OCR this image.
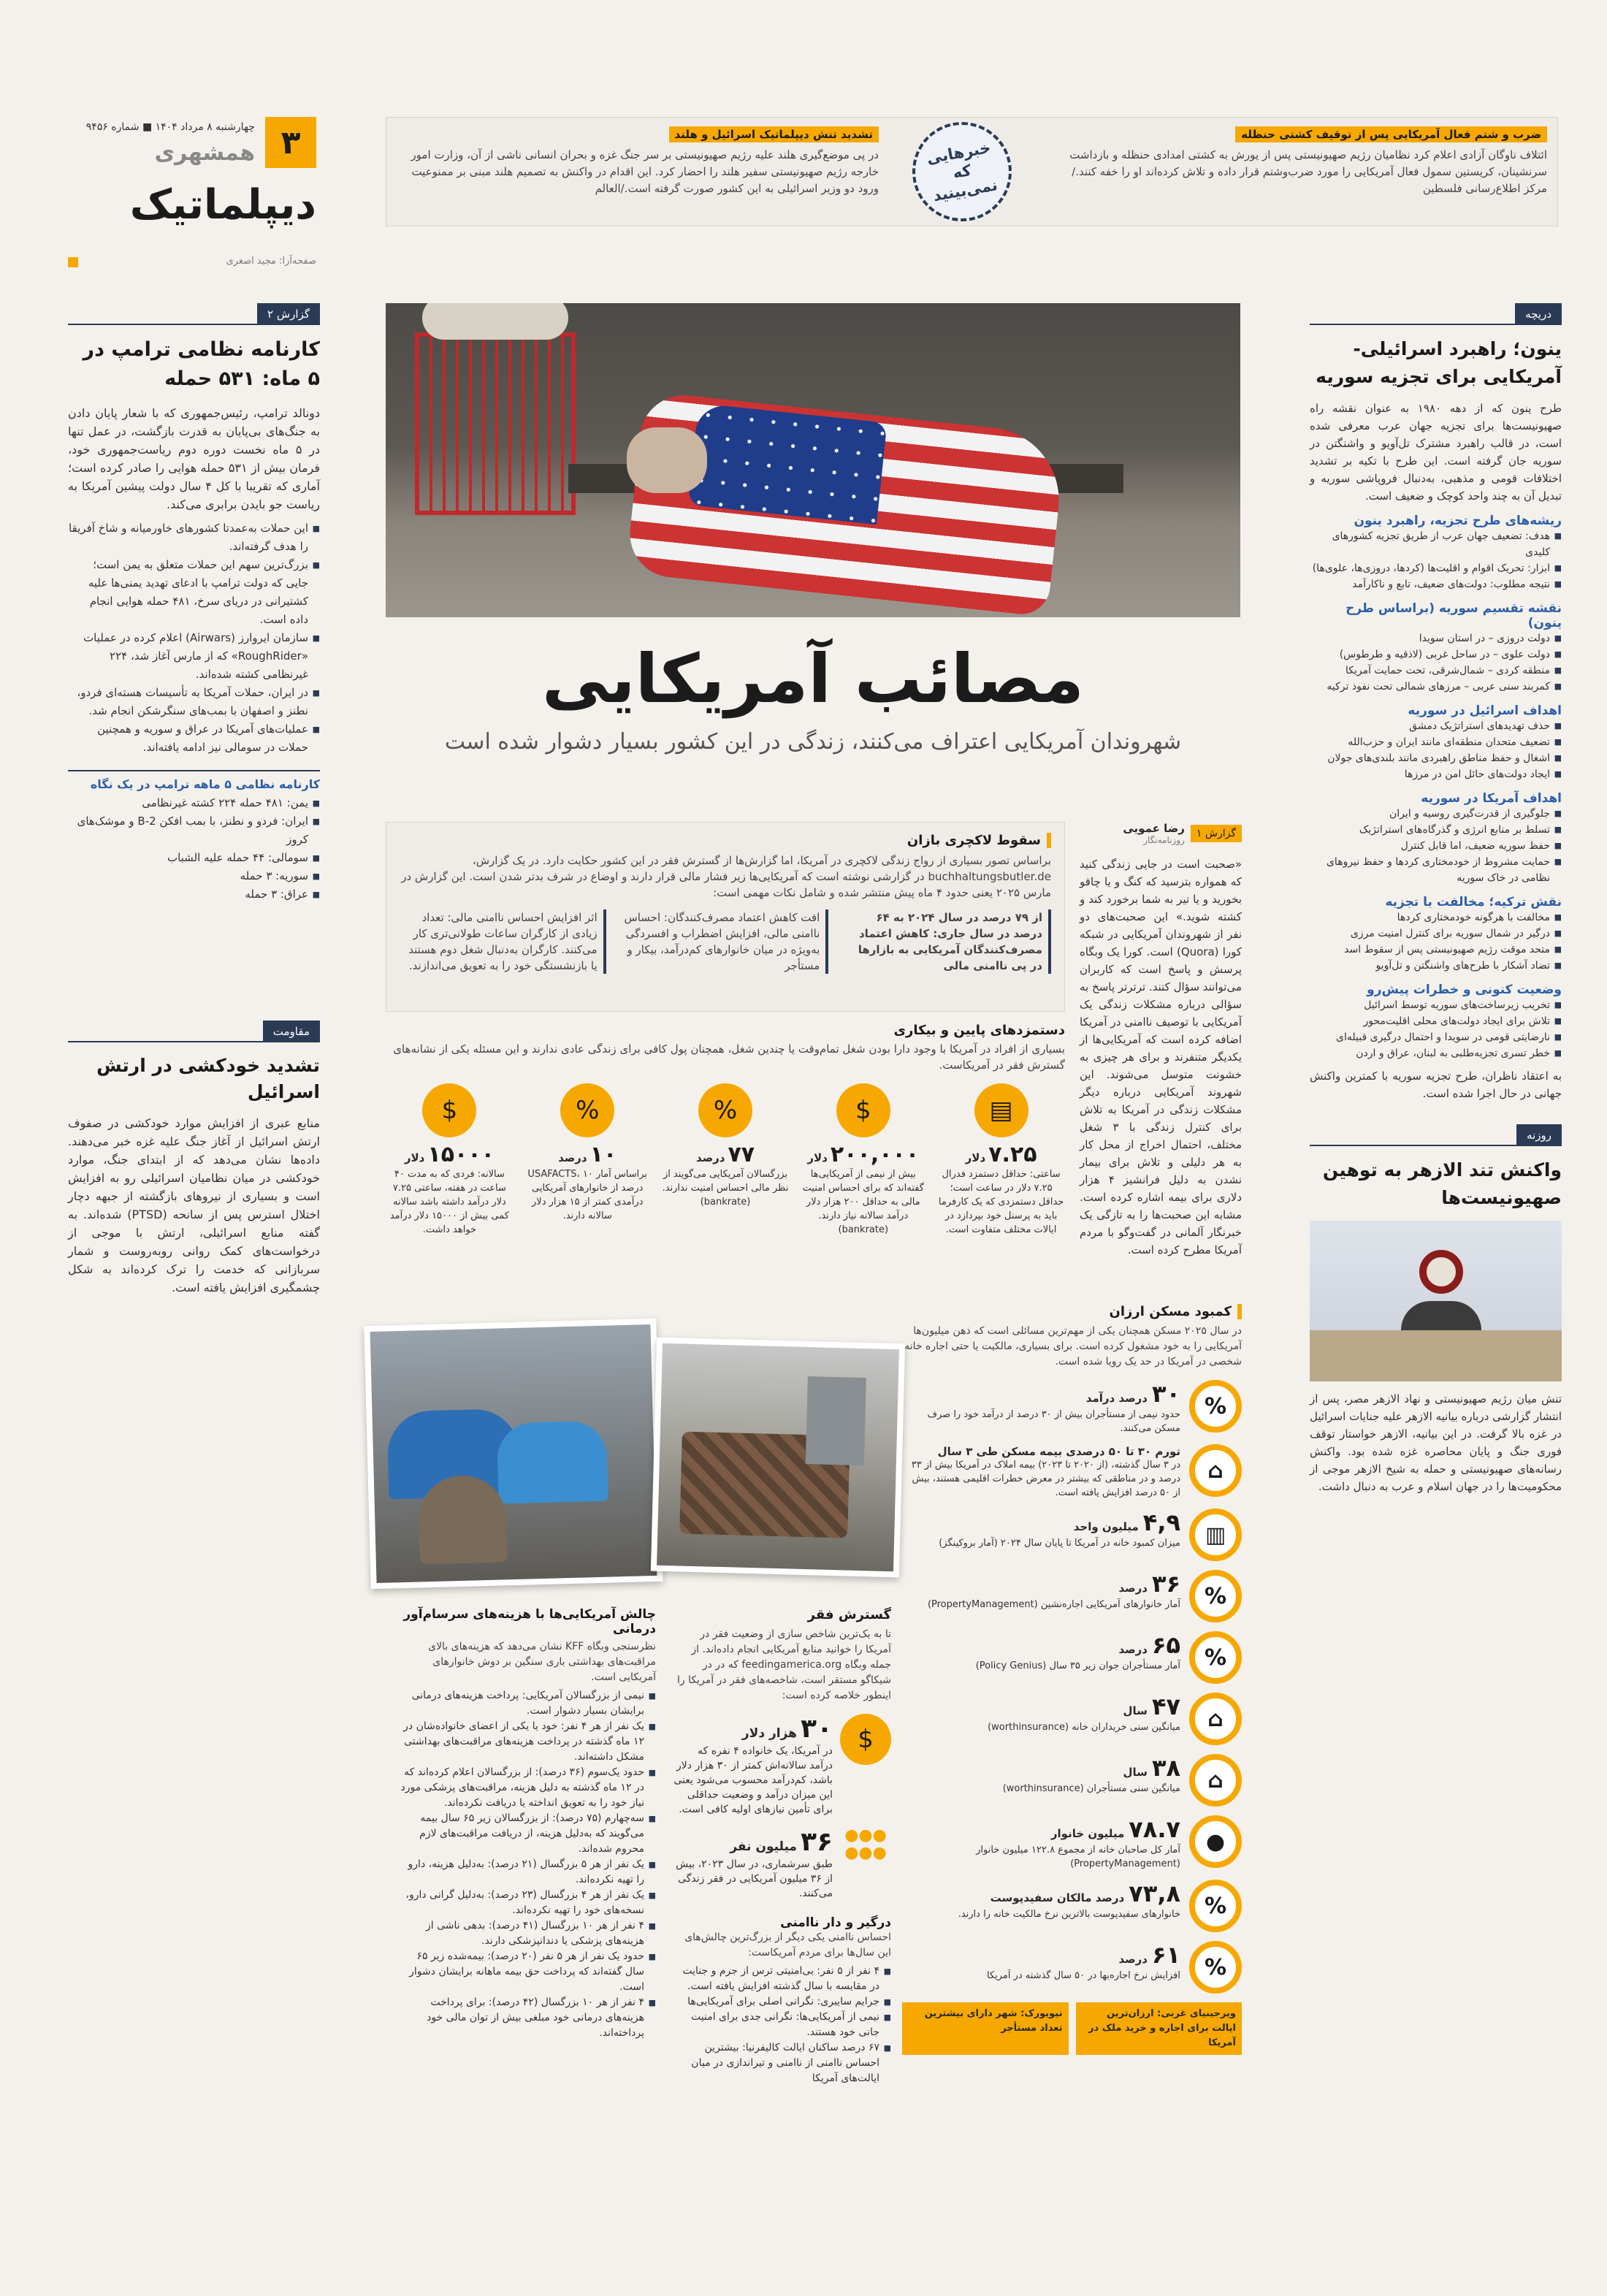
۳
چهارشنبه ۸ مرداد ۱۴۰۴ ■ شماره ۹۴۵۶
همشهری
دیپلماتیک
صفحه‌آرا: مجید اصغری
ضرب و شتم فعال آمریکایی پس از توقیف کشتی حنظله

ائتلاف ناوگان آزادی اعلام کرد نظامیان رژیم صهیونیستی پس از یورش به کشتی امدادی حنظله و بازداشت سرنشینان، کریستین سمول فعال آمریکایی را مورد ضرب‌وشتم قرار داده و تلاش کرده‌اند او را خفه کنند./مرکز اطلاع‌رسانی فلسطین

خبرهایی که نمی‌بینید
تشدید تنش دیپلماتیک اسرائیل و هلند

در پی موضع‌گیری هلند علیه رژیم صهیونیستی بر سر جنگ غزه و بحران انسانی ناشی از آن، وزارت امور خارجه رژیم صهیونیستی سفیر هلند را احضار کرد. این اقدام در واکنش به تصمیم هلند مبنی بر ممنوعیت ورود دو وزیر اسرائیلی به این کشور صورت گرفته است./العالم

گزارش ۲
کارنامه نظامی ترامپ در ۵ ماه: ۵۳۱ حمله

دونالد ترامپ، رئیس‌جمهوری که با شعار پایان دادن به جنگ‌های بی‌پایان به قدرت بازگشت، در عمل تنها در ۵ ماه نخست دوره دوم ریاست‌جمهوری خود، فرمان بیش از ۵۳۱ حمله هوایی را صادر کرده است؛ آماری که تقریبا با کل ۴ سال دولت پیشین آمریکا به ریاست جو بایدن برابری می‌کند.

■ این حملات به‌عمدتا کشورهای خاورمیانه و شاخ آفریقا را هدف گرفته‌اند.
■ بزرگ‌ترین سهم این حملات متعلق به یمن است؛ جایی که دولت ترامپ با ادعای تهدید یمنی‌ها علیه کشتیرانی در دریای سرخ، ۴۸۱ حمله هوایی انجام داده است.
■ سازمان ایروارز (Airwars) اعلام کرده در عملیات «RoughRider» که از مارس آغاز شد، ۲۲۴ غیرنظامی کشته شده‌اند.
■ در ایران، حملات آمریکا به تأسیسات هسته‌ای فردو، نطنز و اصفهان با بمب‌های سنگرشکن انجام شد.
■ عملیات‌های آمریکا در عراق و سوریه و همچنین حملات در سومالی نیز ادامه یافته‌اند.
کارنامه نظامی ۵ ماهه ترامپ در یک نگاه
■ یمن: ۴۸۱ حمله ۲۲۴ کشته غیرنظامی
■ ایران: فردو و نطنز، با بمب افکن B-2 و موشک‌های کروز
■ سومالی: ۴۴ حمله علیه الشباب
■ سوریه: ۳ حمله
■ عراق: ۳ حمله
مقاومت
تشدید خودکشی در ارتش اسرائیل

منابع عبری از افزایش موارد خودکشی در صفوف ارتش اسرائیل از آغاز جنگ علیه غزه خبر می‌دهند. داده‌ها نشان می‌دهد که از ابتدای جنگ، موارد خودکشی در میان نظامیان اسرائیلی رو به افزایش است و بسیاری از نیروهای بازگشته از جبهه دچار اختلال استرس پس از سانحه (PTSD) شده‌اند. به گفته منابع اسرائیلی، ارتش با موجی از درخواست‌های کمک روانی روبه‌روست و شمار سربازانی که خدمت را ترک کرده‌اند به شکل چشمگیری افزایش یافته است.

دریچه
ینون؛ راهبرد اسرائیلی-آمریکایی برای تجزیه سوریه

طرح ینون که از دهه ۱۹۸۰ به عنوان نقشه راه صهیونیست‌ها برای تجزیه جهان عرب معرفی شده است، در قالب راهبرد مشترک تل‌آویو و واشنگتن در سوریه جان گرفته است. این طرح با تکیه بر تشدید اختلافات قومی و مذهبی، به‌دنبال فروپاشی سوریه و تبدیل آن به چند واحد کوچک و ضعیف است.

ریشه‌های طرح تجزیه، راهبرد ینون
■ هدف: تضعیف جهان عرب از طریق تجزیه کشورهای کلیدی
■ ابزار: تحریک اقوام و اقلیت‌ها (کردها، دروزی‌ها، علوی‌ها)
■ نتیجه مطلوب: دولت‌های ضعیف، تابع و ناکارآمد
نقشه تقسیم سوریه (براساس طرح ینون)
■ دولت دروزی – در استان سویدا
■ دولت علوی – در ساحل غربی (لاذقیه و طرطوس)
■ منطقه کردی – شمال‌شرقی، تحت حمایت آمریکا
■ کمربند سنی عربی – مرزهای شمالی تحت نفوذ ترکیه
اهداف اسرائیل در سوریه
■ حذف تهدیدهای استراتژیک دمشق
■ تضعیف متحدان منطقه‌ای مانند ایران و حزب‌الله
■ اشغال و حفظ مناطق راهبردی مانند بلندی‌های جولان
■ ایجاد دولت‌های حائل امن در مرزها
اهداف آمریکا در سوریه
■ جلوگیری از قدرت‌گیری روسیه و ایران
■ تسلط بر منابع انرژی و گذرگاه‌های استراتژیک
■ حفظ سوریه ضعیف، اما قابل کنترل
■ حمایت مشروط از خودمختاری کردها و حفظ نیروهای نظامی در خاک سوریه
نقش ترکیه؛ مخالفت با تجزیه
■ مخالفت با هرگونه خودمختاری کردها
■ درگیر در شمال سوریه برای کنترل امنیت مرزی
■ متحد موقت رژیم صهیونیستی پس از سقوط اسد
■ تضاد آشکار با طرح‌های واشنگتن و تل‌آویو
وضعیت کنونی و خطرات پیش‌رو
■ تخریب زیرساخت‌های سوریه توسط اسرائیل
■ تلاش برای ایجاد دولت‌های محلی اقلیت‌محور
■ نارضایتی قومی در سویدا و احتمال درگیری قبیله‌ای
■ خطر تسری تجزیه‌طلبی به لبنان، عراق و اردن

به اعتقاد ناظران، طرح تجزیه سوریه با کمترین واکنش جهانی در حال اجرا شده است.

روزنه
واکنش تند الازهر به توهین صهیونیست‌ها

تنش میان رژیم صهیونیستی و نهاد الازهر مصر، پس از انتشار گزارشی درباره بیانیه الازهر علیه جنایات اسرائیل در غزه بالا گرفت. در این بیانیه، الازهر خواستار توقف فوری جنگ و پایان محاصره غزه شده بود. واکنش رسانه‌های صهیونیستی و حمله به شیخ الازهر موجی از محکومیت‌ها را در جهان اسلام و عرب به دنبال داشت.

مصائب آمریکایی
شهروندان آمریکایی اعتراف می‌کنند، زندگی در این کشور بسیار دشوار شده است
گزارش ۱
رضا عمویی
روزنامه‌نگار

«صحبت است در جایی زندگی کنید که همواره بترسید که کنگ و یا چاقو بخورید و یا تیر به شما برخورد کند و کشته شوید.» این صحبت‌های دو نفر از شهروندان آمریکایی در شبکه کورا (Quora) است. کورا یک وبگاه پرسش و پاسخ است که کاربران می‌توانند سؤال کنند. ترترتر پاسخ به سؤالی درباره مشکلات زندگی یک آمریکایی با توصیف ناامنی در آمریکا اضافه کرده است که آمریکایی‌ها از یکدیگر متنفرند و برای هر چیزی به خشونت متوسل می‌شوند. این شهروند آمریکایی درباره دیگر مشکلات زندگی در آمریکا به تلاش برای کنترل زندگی با ۳ شغل مختلف، احتمال اخراج از محل کار به هر دلیلی و تلاش برای بیمار نشدن به دلیل فرانشیز ۴ هزار دلاری برای بیمه اشاره کرده است. مشابه این صحبت‌ها را به تازگی یک خبرنگار آلمانی در گفت‌وگو با مردم آمریکا مطرح کرده است.

سقوط لاکچری بازان

براساس تصور بسیاری از رواج زندگی لاکچری در آمریکا، اما گزارش‌ها از گسترش فقر در این کشور حکایت دارد. در یک گزارش، buchhaltungsbutler.de در گزارشی نوشته است که آمریکایی‌ها زیر فشار مالی قرار دارند و اوضاع در شرف بدتر شدن است. این گزارش در مارس ۲۰۲۵ یعنی حدود ۴ ماه پیش منتشر شده و شامل نکات مهمی است:

از ۷۹ درصد در سال ۲۰۲۴ به ۶۴ درصد در سال جاری: کاهش اعتماد مصرف‌کنندگان آمریکایی به بازارها در پی ناامنی مالی

افت کاهش اعتماد مصرف‌کنندگان: احساس ناامنی مالی، افزایش اضطراب و افسردگی به‌ویژه در میان خانوارهای کم‌درآمد، بیکار و مستأجر

اثر افزایش احساس ناامنی مالی: تعداد زیادی از کارگران ساعات طولانی‌تری کار می‌کنند. کارگران به‌دنبال شغل دوم هستند یا بازنشستگی خود را به تعویق می‌اندازند.

دستمزدهای پایین و بیکاری

بسیاری از افراد در آمریکا با وجود دارا بودن شغل تمام‌وقت یا چندین شغل، همچنان پول کافی برای زندگی عادی ندارند و این مسئله یکی از نشانه‌های گسترش فقر در آمریکاست.

▤
۷.۲۵دلار

ساعتی: حداقل دستمزد فدرال ۷.۲۵ دلار در ساعت است؛ حداقل دستمزدی که یک کارفرما باید به پرسنل خود بپردازد در ایالات مختلف متفاوت است.

$
۲۰۰,۰۰۰دلار

بیش از نیمی از آمریکایی‌ها گفته‌اند که برای احساس امنیت مالی به حداقل ۲۰۰ هزار دلار درآمد سالانه نیاز دارند. (bankrate)

%
۷۷درصد

بزرگسالان آمریکایی می‌گویند از نظر مالی احساس امنیت ندارند. (bankrate)

%
۱۰درصد

براساس آمار USAFACTS، ۱۰ درصد از خانوارهای آمریکایی درآمدی کمتر از ۱۵ هزار دلار سالانه دارند.

$
۱۵۰۰۰دلار

سالانه: فردی که به مدت ۴۰ ساعت در هفته، ساعتی ۷.۲۵ دلار درآمد داشته باشد سالانه کمی بیش از ۱۵۰۰۰ دلار درآمد خواهد داشت.

کمبود مسکن ارزان

در سال ۲۰۲۵ مسکن همچنان یکی از مهم‌ترین مسائلی است که ذهن میلیون‌ها آمریکایی را به خود مشغول کرده است. برای بسیاری، مالکیت یا حتی اجاره خانه شخصی در آمریکا در حد یک رویا شده است.

%
۳۰درصد درآمد

حدود نیمی از مستأجران بیش از ۳۰ درصد از درآمد خود را صرف مسکن می‌کنند.

⌂
تورم ۳۰ تا ۵۰ درصدی بیمه مسکن طی ۳ سال

در ۳ سال گذشته، (از ۲۰۲۰ تا ۲۰۲۳) بیمه املاک در آمریکا بیش از ۳۳ درصد و در مناطقی که بیشتر در معرض خطرات اقلیمی هستند، بیش از ۵۰ درصد افزایش یافته است.

▥
۴,۹میلیون واحد

میزان کمبود خانه در آمریکا تا پایان سال ۲۰۲۴ (آمار بروکینگز)

%
۳۶درصد

آمار خانوارهای آمریکایی اجاره‌نشین (PropertyManagement)

%
۶۵درصد

آمار مستأجران جوان زیر ۳۵ سال (Policy Genius)

⌂
۴۷سال

میانگین سنی خریداران خانه (worthinsurance)

⌂
۳۸سال

میانگین سنی مستأجران (worthinsurance)

●
۷۸.۷میلیون خانوار

آمار کل صاحبان خانه از مجموع ۱۲۲.۸ میلیون خانوار (PropertyManagement)

%
۷۳,۸درصد مالکان سفیدپوست

خانوارهای سفیدپوست بالاترین نرخ مالکیت خانه را دارند.

%
۶۱درصد

افزایش نرخ اجاره‌بها در ۵۰ سال گذشته در آمریکا

ویرجینیای غربی: ارزان‌ترین ایالت برای اجاره و خرید ملک در آمریکا
نیویورک: شهر دارای بیشترین تعداد مستأجر
گسترش فقر

تا به یک‌ترین شاخص سازی از وضعیت فقر در آمریکا را خوانید منابع آمریکایی انجام داده‌اند. از جمله وبگاه feedingamerica.org که در در شیکاگو مستقر است، شاخصه‌های فقر در آمریکا را اینطور خلاصه کرده است:

$
۳۰ هزار دلار

در آمریکا، یک خانواده ۴ نفره که درآمد سالانه‌اش کمتر از ۳۰ هزار دلار باشد، کم‌درآمد محسوب می‌شود یعنی این میزان درآمد و وضعیت حداقلی برای تأمین نیازهای اولیه کافی است.

●●●
●●●
۳۶ میلیون نفر

طبق سرشماری، در سال ۲۰۲۳، بیش از ۳۶ میلیون آمریکایی در فقر زندگی می‌کنند.

درگیر و دار ناامنی

احساس ناامنی یکی دیگر از بزرگ‌ترین چالش‌های این سال‌ها برای مردم آمریکاست:

■ ۴ نفر از ۵ نفر: بی‌امنیتی ترس از جرم و جنایت در مقایسه با سال گذشته افزایش یافته است.
■ جرایم سایبری: نگرانی اصلی برای آمریکایی‌ها
■ نیمی از آمریکایی‌ها: نگرانی جدی برای امنیت جانی خود هستند.
■ ۶۷ درصد ساکنان ایالت کالیفرنیا: بیشترین احساس ناامنی از ناامنی و تیراندازی در میان ایالت‌های آمریکا
چالش آمریکایی‌ها با هزینه‌های سرسام‌آور درمانی

نظرسنجی وبگاه KFF نشان می‌دهد که هزینه‌های بالای مراقبت‌های بهداشتی باری سنگین بر دوش خانوارهای آمریکایی است.

■ نیمی از بزرگسالان آمریکایی: پرداخت هزینه‌های درمانی برایشان بسیار دشوار است.
■ یک نفر از هر ۴ نفر: خود یا یکی از اعضای خانواده‌شان در ۱۲ ماه گذشته در پرداخت هزینه‌های مراقبت‌های بهداشتی مشکل داشته‌اند.
■ حدود یک‌سوم (۳۶ درصد): از بزرگسالان اعلام کرده‌اند که در ۱۲ ماه گذشته به دلیل هزینه، مراقبت‌های پزشکی مورد نیاز خود را به تعویق انداخته یا دریافت نکرده‌اند.
■ سه‌چهارم (۷۵ درصد): از بزرگسالان زیر ۶۵ سال بیمه می‌گویند که به‌دلیل هزینه، از دریافت مراقبت‌های لازم محروم شده‌اند.
■ یک نفر از هر ۵ بزرگسال (۲۱ درصد): به‌دلیل هزینه، دارو را تهیه نکرده‌اند.
■ یک نفر از هر ۴ بزرگسال (۲۳ درصد): به‌دلیل گرانی دارو، نسخه‌های خود را تهیه نکرده‌اند.
■ ۴ نفر از هر ۱۰ بزرگسال (۴۱ درصد): بدهی ناشی از هزینه‌های پزشکی یا دندانپزشکی دارند.
■ حدود یک نفر از هر ۵ نفر (۲۰ درصد): بیمه‌شده زیر ۶۵ سال گفته‌اند که پرداخت حق بیمه ماهانه برایشان دشوار است.
■ ۴ نفر از هر ۱۰ بزرگسال (۴۲ درصد): برای پرداخت هزینه‌های درمانی خود مبلغی بیش از توان مالی خود پرداخته‌اند.
